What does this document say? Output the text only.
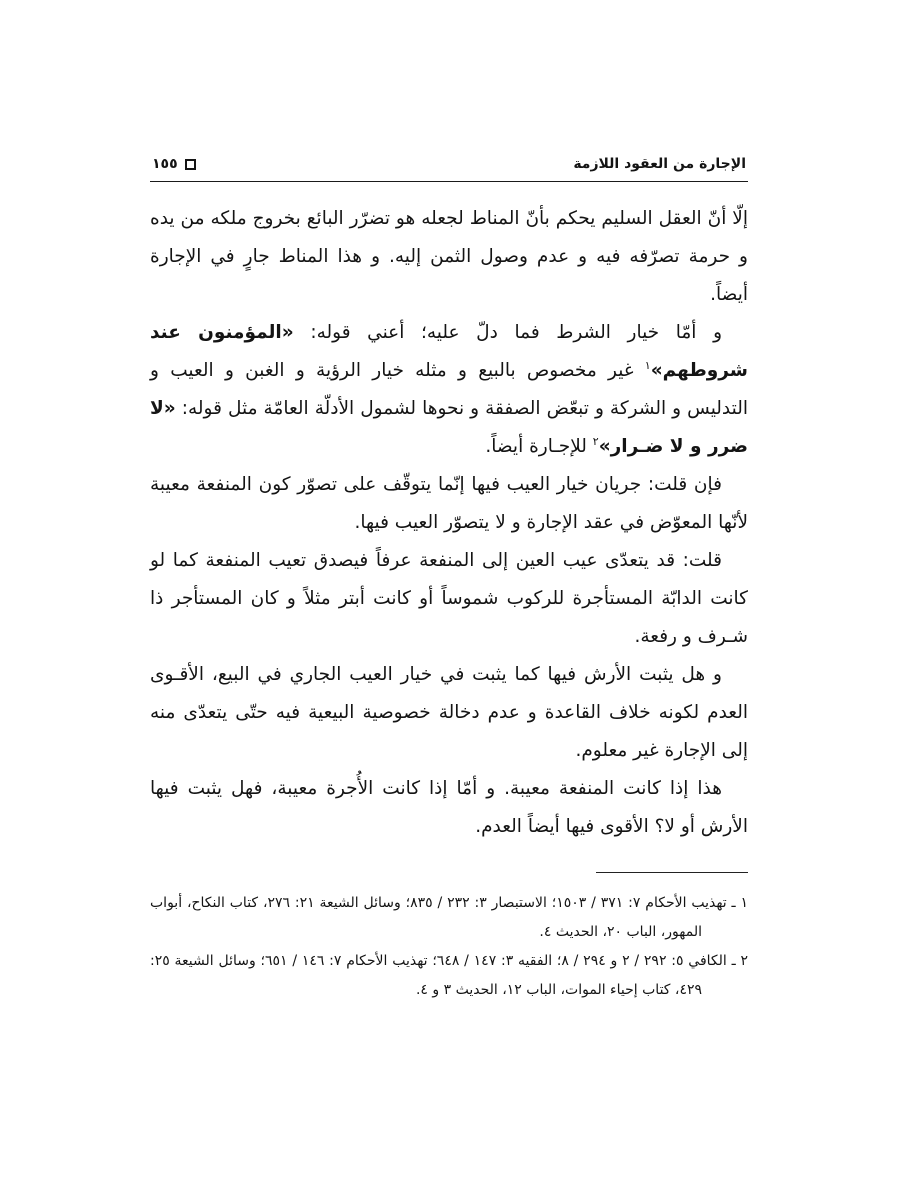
الإجارة من العقود اللازمة
١٥٥

إلّا أنّ العقل السليم يحكم بأنّ المناط لجعله هو تضرّر البائع بخروج ملكه من يده و حرمة تصرّفه فيه و عدم وصول الثمن إليه. و هذا المناط جارٍ في الإجارة أيضاً.

و أمّا خيار الشرط فما دلّ عليه؛ أعني قوله: «المؤمنون عند شروطهم»$^١$ غير مخصوص بالبيع و مثله خيار الرؤية و الغبن و العيب و التدليس و الشركة و تبعّض الصفقة و نحوها لشمول الأدلّة العامّة مثل قوله: «لا ضرر و لا ضـرار»$^٢$ للإجـارة أيضاً.

فإن قلت: جريان خيار العيب فيها إنّما يتوقّف على تصوّر كون المنفعة معيبة لأنّها المعوّض في عقد الإجارة و لا يتصوّر العيب فيها.

قلت: قد يتعدّى عيب العين إلى المنفعة عرفاً فيصدق تعيب المنفعة كما لو كانت الدابّة المستأجرة للركوب شموساً أو كانت أبتر مثلاً و كان المستأجر ذا شـرف و رفعة.

و هل يثبت الأرش فيها كما يثبت في خيار العيب الجاري في البيع، الأقـوى العدم لكونه خلاف القاعدة و عدم دخالة خصوصية البيعية فيه حتّى يتعدّى منه إلى الإجارة غير معلوم.

هذا إذا كانت المنفعة معيبة. و أمّا إذا كانت الأُجرة معيبة، فهل يثبت فيها الأرش أو لا؟ الأقوى فيها أيضاً العدم.

١ ـ تهذيب الأحكام ٧: ٣٧١ / ١٥٠٣؛ الاستبصار ٣: ٢٣٢ / ٨٣٥؛ وسائل الشيعة ٢١: ٢٧٦، كتاب النكاح، أبواب المهور، الباب ٢٠، الحديث ٤.

٢ ـ الكافي ٥: ٢٩٢ / ٢ و ٢٩٤ / ٨؛ الفقيه ٣: ١٤٧ / ٦٤٨؛ تهذيب الأحكام ٧: ١٤٦ / ٦٥١؛ وسائل الشيعة ٢٥: ٤٢٩، كتاب إحياء الموات، الباب ١٢، الحديث ٣ و ٤.
